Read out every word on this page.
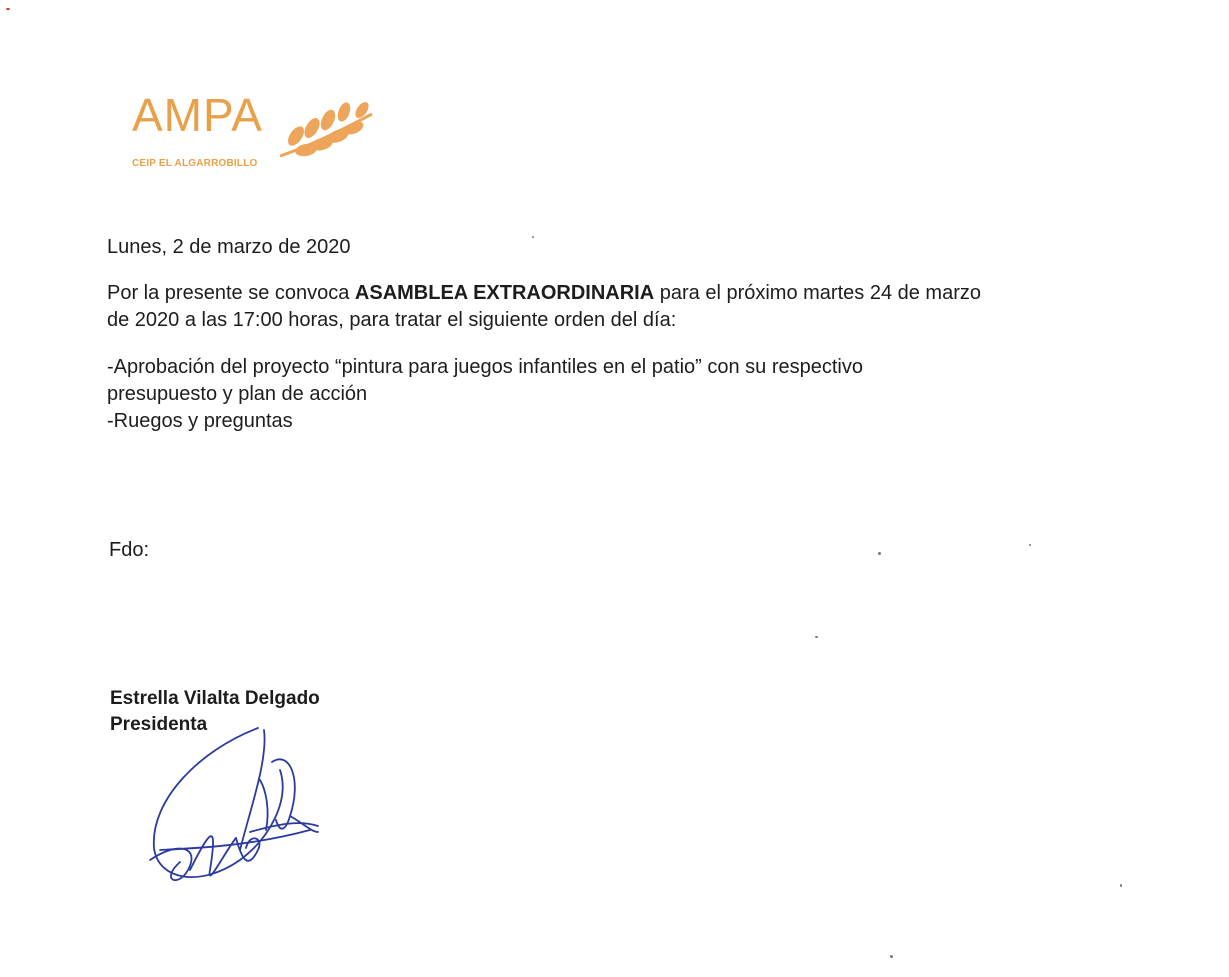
AMPA
CEIP EL ALGARROBILLO
Lunes, 2 de marzo de 2020
Por la presente se convoca ASAMBLEA EXTRAORDINARIA para el próximo martes 24 de marzo
de 2020 a las 17:00 horas, para tratar el siguiente orden del día:
-Aprobación del proyecto “pintura para juegos infantiles en el patio” con su respectivo
presupuesto y plan de acción
-Ruegos y preguntas
Fdo:
Estrella Vilalta Delgado
Presidenta
